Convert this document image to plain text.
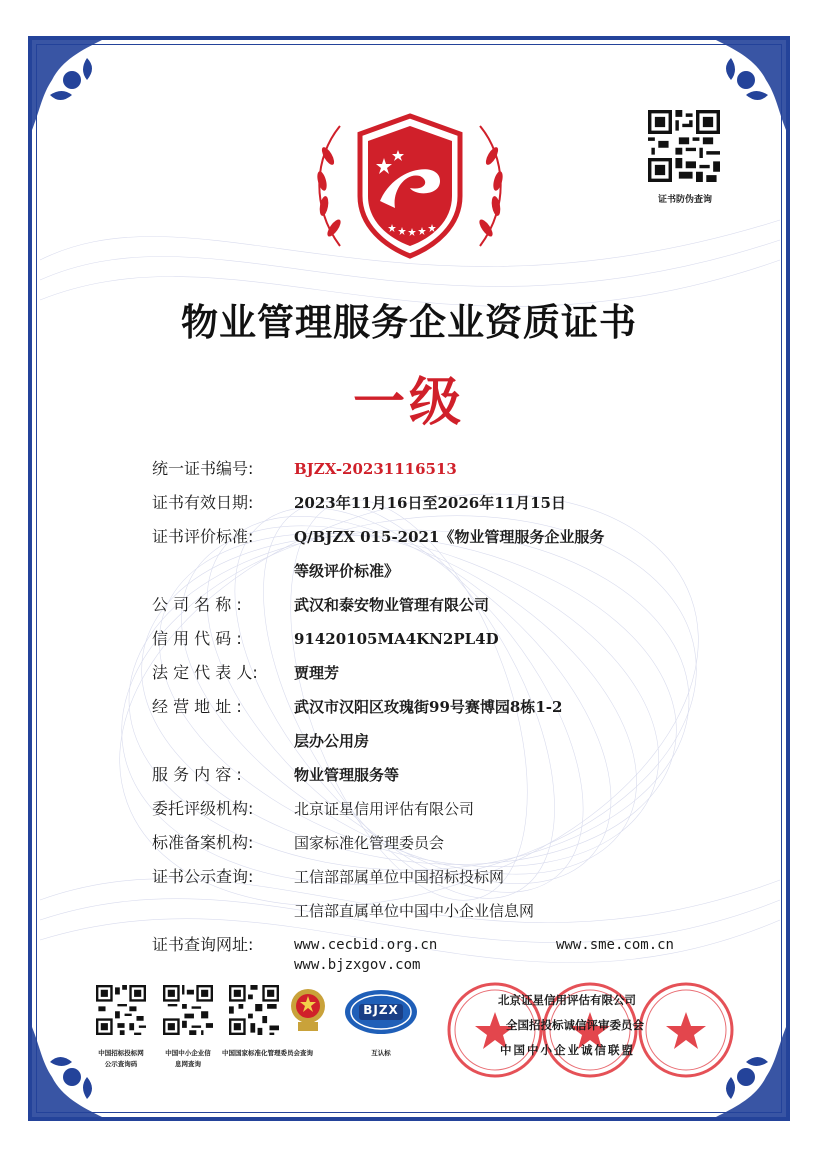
证书防伪查询
物业管理服务企业资质证书
一级
统一证书编号:	BJZX-20231116513
证书有效日期:	2023年11月16日至2026年11月15日
证书评价标准:	Q/BJZX 015-2021《物业管理服务企业服务
等级评价标准》
公 司 名 称 :	武汉和泰安物业管理有限公司
信 用 代 码 :	91420105MA4KN2PL4D
法 定 代 表 人:	贾理芳
经 营 地 址 :	武汉市汉阳区玫瑰街99号赛博园8栋1-2
层办公用房
服 务 内 容 :	物业管理服务等
委托评级机构:	北京证星信用评估有限公司
标准备案机构:	国家标准化管理委员会
证书公示查询:	工信部部属单位中国招标投标网
工信部直属单位中国中小企业信息网
证书查询网址:	www.cecbid.org.cn	www.sme.com.cn
www.bjzxgov.com
中国招标投标网
公示查询码
中国中小企业信
息网查询
中国国家标准化管理委员会查询
BJZX
互认标
北京证星信用评估有限公司
全国招投标诚信评审委员会
中国中小企业诚信联盟
